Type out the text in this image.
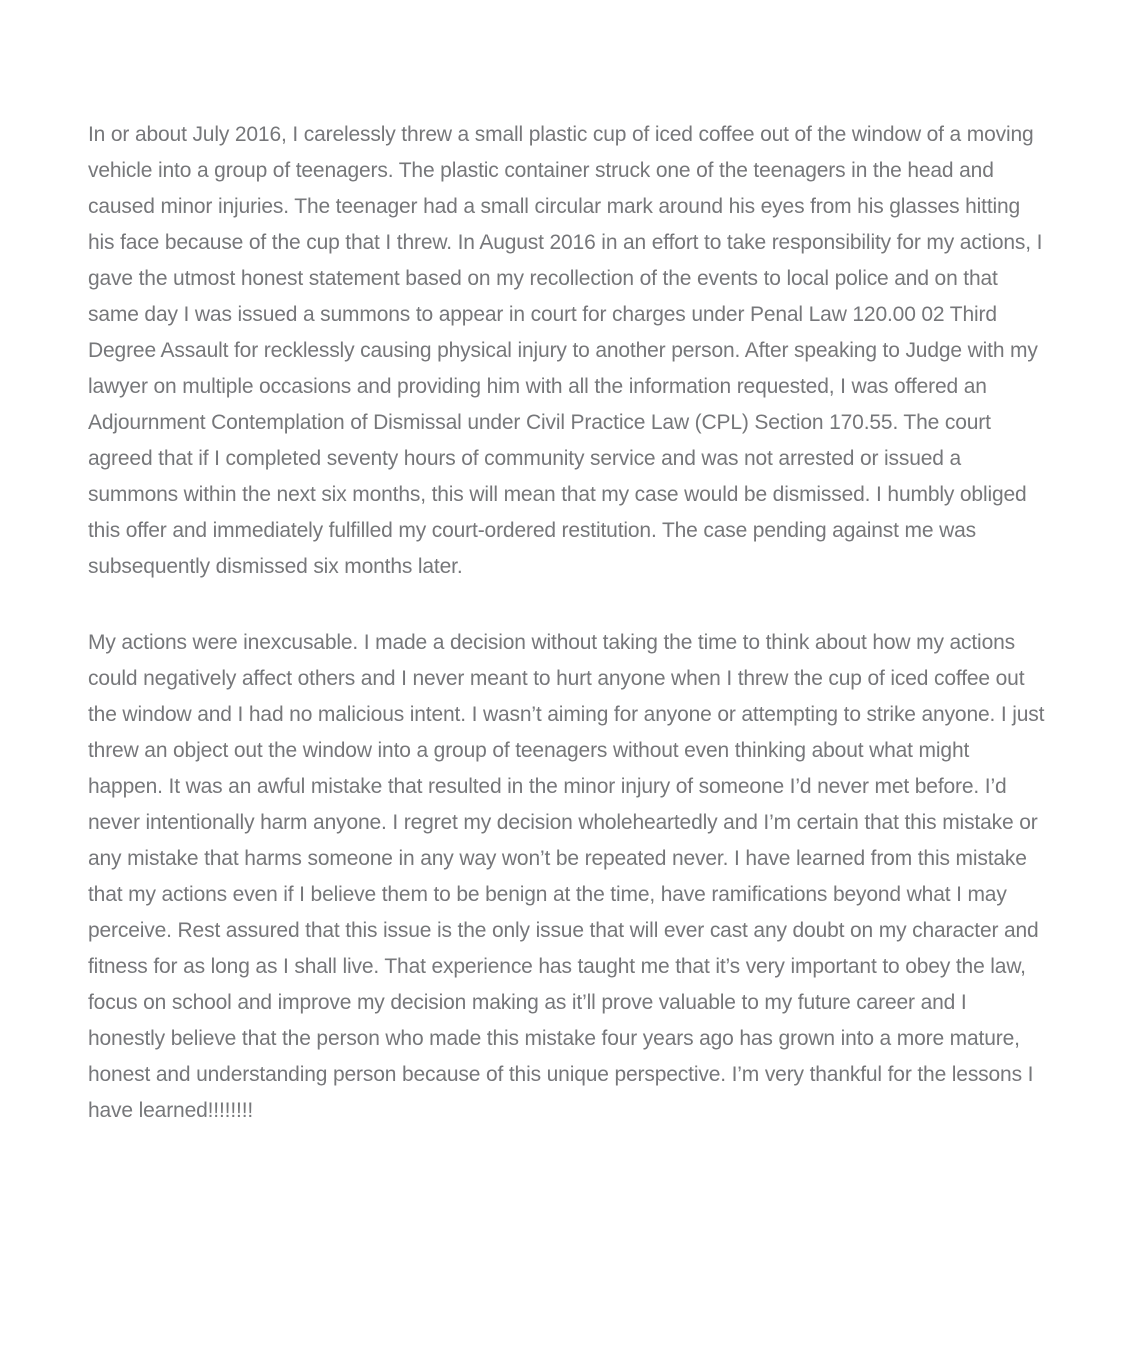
In or about July 2016, I carelessly threw a small plastic cup of iced coffee out of the window of a moving vehicle into a group of teenagers. The plastic container struck one of the teenagers in the head and caused minor injuries. The teenager had a small circular mark around his eyes from his glasses hitting his face because of the cup that I threw. In August 2016 in an effort to take responsibility for my actions, I gave the utmost honest statement based on my recollection of the events to local police and on that same day I was issued a summons to appear in court for charges under Penal Law 120.00 02 Third Degree Assault for recklessly causing physical injury to another person. After speaking to Judge with my lawyer on multiple occasions and providing him with all the information requested, I was offered an Adjournment Contemplation of Dismissal under Civil Practice Law (CPL) Section 170.55. The court agreed that if I completed seventy hours of community service and was not arrested or issued a summons within the next six months, this will mean that my case would be dismissed. I humbly obliged this offer and immediately fulfilled my court-ordered restitution. The case pending against me was subsequently dismissed six months later.

My actions were inexcusable. I made a decision without taking the time to think about how my actions could negatively affect others and I never meant to hurt anyone when I threw the cup of iced coffee out the window and I had no malicious intent. I wasn’t aiming for anyone or attempting to strike anyone. I just threw an object out the window into a group of teenagers without even thinking about what might happen. It was an awful mistake that resulted in the minor injury of someone I’d never met before. I’d never intentionally harm anyone. I regret my decision wholeheartedly and I’m certain that this mistake or any mistake that harms someone in any way won’t be repeated never. I have learned from this mistake that my actions even if I believe them to be benign at the time, have ramifications beyond what I may perceive. Rest assured that this issue is the only issue that will ever cast any doubt on my character and fitness for as long as I shall live. That experience has taught me that it’s very important to obey the law, focus on school and improve my decision making as it’ll prove valuable to my future career and I honestly believe that the person who made this mistake four years ago has grown into a more mature, honest and understanding person because of this unique perspective. I’m very thankful for the lessons I have learned!!!!!!!!
